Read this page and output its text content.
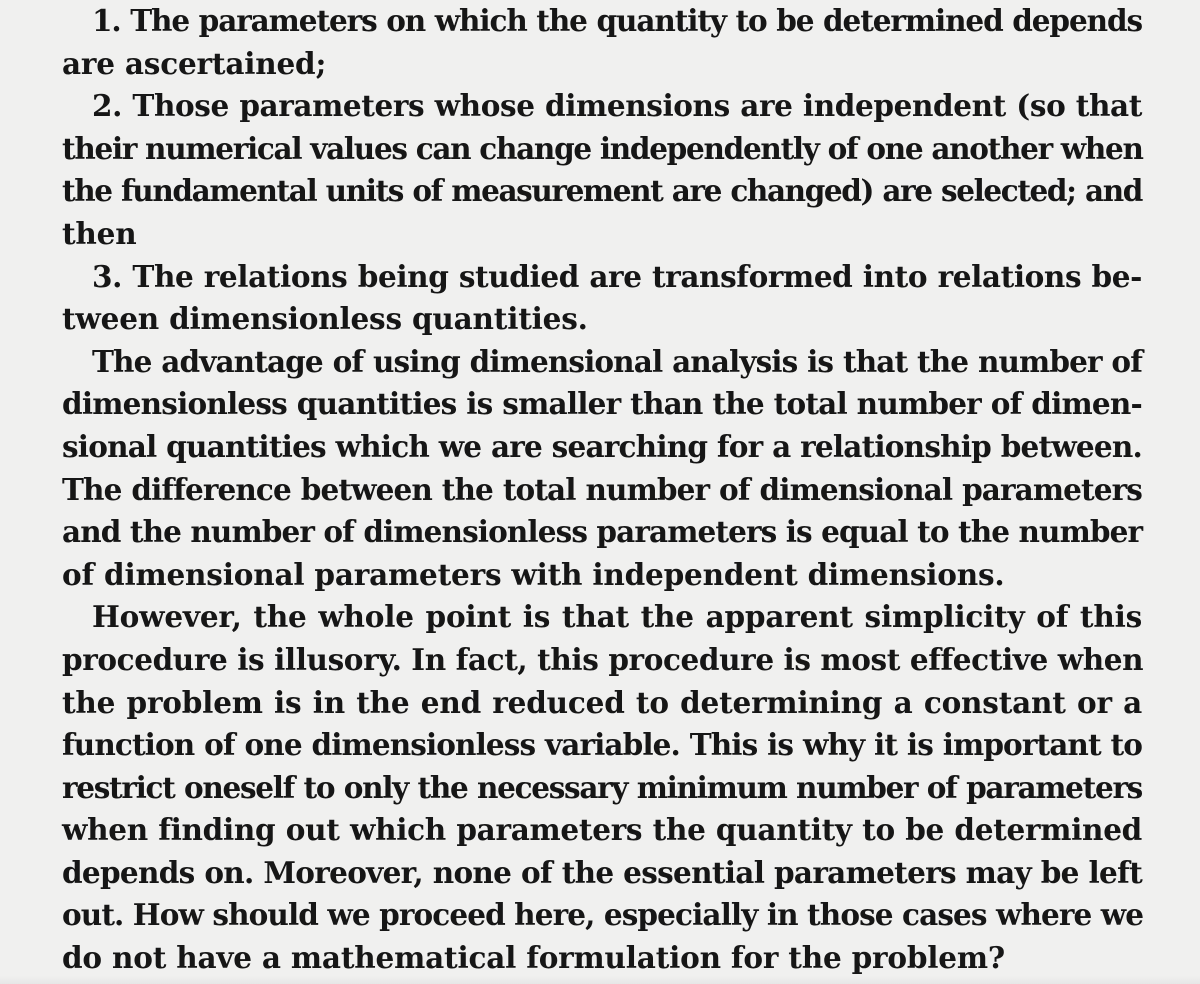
1. The parameters on which the quantity to be determined depends
are ascertained;
2. Those parameters whose dimensions are independent (so that
their numerical values can change independently of one another when
the fundamental units of measurement are changed) are selected; and
then
3. The relations being studied are transformed into relations be-
tween dimensionless quantities.
The advantage of using dimensional analysis is that the number of
dimensionless quantities is smaller than the total number of dimen-
sional quantities which we are searching for a relationship between.
The difference between the total number of dimensional parameters
and the number of dimensionless parameters is equal to the number
of dimensional parameters with independent dimensions.
However, the whole point is that the apparent simplicity of this
procedure is illusory. In fact, this procedure is most effective when
the problem is in the end reduced to determining a constant or a
function of one dimensionless variable. This is why it is important to
restrict oneself to only the necessary minimum number of parameters
when finding out which parameters the quantity to be determined
depends on. Moreover, none of the essential parameters may be left
out. How should we proceed here, especially in those cases where we
do not have a mathematical formulation for the problem?
